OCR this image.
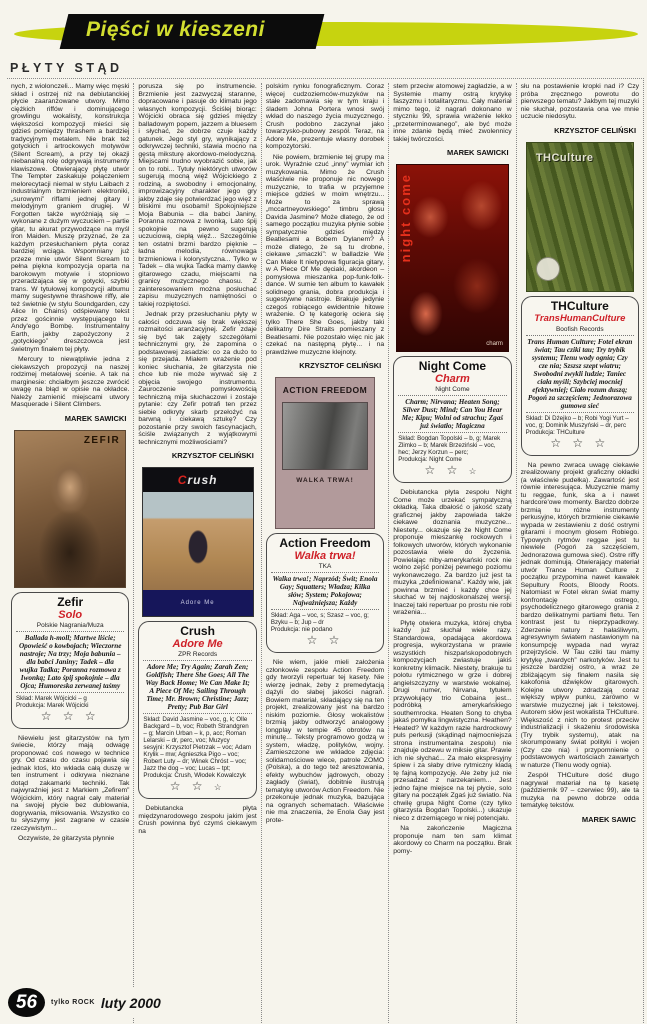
Pięści w kieszeni
PŁYTY STĄD

nych, z wiolonczeli... Mamy więc męski skład i ostrzej niż na debiutanckiej płycie zaaranżowane utwory. Mimo ciężkich riffów i dominującego growlingu wokalisty, konstrukcja większości kompozycji mieści się gdzieś pomiędzy thrashem a bardziej tradycyjnym metalem. Nie brak też gotyckich i artrockowych motywów (Silent Scream), a przy tej okazji niebanalną rolę odgrywają instrumenty klawiszowe. Otwierający płytę utwór The Tempter zaskakuje połączeniem melorecytacji niemal w stylu Laibach z industrialnym brzmieniem elektroniki, „surowymi” riffami jednej gitary i melodyjnym graniem drugiej. W Forgotten także wyróżniają się – wykonane z dużym wyczuciem – partie gitar, tu akurat przywodzące na myśl Iron Maiden. Muszę przyznać, że za każdym przesłuchaniem płyta coraz bardziej wciąga. Wspomniany już przeze mnie utwór Silent Scream to pełna piękna kompozycja oparta na barokowym motywie i stopniowo przeradzająca się w gotycki, szybki trans. W tytułowej kompozycji albumu mamy sugestywne thrashowe riffy, ale też świetnie (w stylu Soundgarden, czy Alice In Chains) odśpiewany tekst przez gościnnie występującego tu Andy'ego Bombę. Instrumentalny Earth, jakby zapożyczony z „gotyckiego” dreszczowca jest świetnym finałem tej płyty.

Mercury to niewątpliwie jedna z ciekawszych propozycji na naszej rodzimej metalowej scenie. A tak na marginesie: chciałbym jeszcze zwrócić uwagę na błąd w opisie na okładce. Należy zamienić miejscami utwory Masquerade i Silent Climbers.

MAREK SAWICKI
ZEFIR
Zefir
Solo
Polskie Nagrania/Muza
Ballada h-moll; Martwe liście; Opowieść o kowbojach; Wieczorne nastroje; Na trzy; Moja babunia – dla babci Janiny; Tadek – dla wujka Tadka; Poranna rozmowa z Iwonką; Lato śpij spokojnie – dla Ojca; Humoreska zerwanej taśmy
Skład: Marek Wójcicki – g
Produkcja: Marek Wójcicki
☆ ☆ ☆

Niewielu jest gitarzystów na tym świecie, którzy mają odwagę proponować coś nowego w technice gry. Od czasu do czasu pojawia się jednak ktoś, kto wkłada całą duszę w ten instrument i odkrywa nieznane dotąd zakamarki techniki. Tak najwyraźniej jest z Markiem „Zefirem” Wójcickim, który nagrał cały materiał na swojej płycie bez dublowania, dogrywania, miksowania. Wszystko co tu słyszymy jest zagrane w czasie rzeczywistym...

Oczywiste, że gitarzysta płynnie

porusza się po instrumencie. Brzmienie jest zazwyczaj staranne, dopracowane i pasuje do klimatu jego własnych kompozycji. Ściślej biorąc: Wójcicki obraca się gdzieś między balladowym popem, jazzem a bluesem i słychać, że dobrze czuje każdy gatunek. Jego styl gry, wynikający z odkrywczej techniki, stawia mocno na gęstą miksturę akordowo-melodyczną. Miejscami trudno wyobrazić sobie, jak on to robi... Tytuły niektórych utworów sugerują mocną więź Wójcickiego z rodziną, a swobodny i emocjonalny, improwizacyjny charakter jego gry jakby zdaje się potwierdzać jego więź z bliskimi mu osobami! Spokojniejsze Moja Babunia – dla babci Janiny, Poranna rozmowa z Iwonką, Lato śpij spokojnie na pewno sugerują uczuciową, ciepłą więź... Szczególnie ten ostatni brzmi bardzo pięknie – ładna melodia, równowaga brzmieniowa i kolorystyczna... Tylko w Tadek – dla wujka Tadka mamy dawkę gitarowego czadu, miejscami na granicy muzycznego chaosu. Z zainteresowaniem można posłuchać zapisu muzycznych namiętności o takiej rozpiętości.

Jednak przy przesłuchaniu płyty w całości odczuwa się brak większej rozmaitości aranżacyjnej. Zefir zdaje się być tak zajęty szczegółami technicznymi gry, że zapomina o podstawowej zasadzie: co za dużo to się przejada. Miałem wrażenie pod koniec słuchania, że gitarzysta nie chce lub nie może wyrwać się z objęcia swojego instrumentu. Zauroczenie pomysłowością techniczną mija słuchaczowi i zostaje pytanie: czy Zefir potrafi ten przez siebie odkryty skarb przełożyć na barwną i ciekawą sztukę? Czy pozostanie przy swoich fascynacjach, ściśle związanych z wyjątkowymi technicznymi możliwościami?

KRZYSZTOF CELIŃSKI
Crush
Adore Me
Crush
Adore Me
ZPR Records
Adore Me; Try Again; Zarah Zen; Goldfish; There She Goes; All The Way Back Home; We Can Make It; A Piece Of Me; Sailing Through Time; Mr. Brown; Christine; Jazz; Pretty; Pub Bar Girl
Skład: David Jasmine – voc, g, k; Olle Backgard – b, voc; Robeth Strandgren – g; Marcin Urban – k, p, acc; Roman Lelarski – dr, perc, voc; Muzycy sesyjni: Krzysztof Pietrzak – voc; Adam Krylik – mw; Agnieszka Pigo – voc; Robert Luty – dr; Winek Chróst – voc; Jazz the dog – voc; Lucas – tpt;
Produkcja: Crush, Włodek Kowalczyk
☆ ☆ ☆

Debiutancka płyta międzynarodowego zespołu jakim jest Crush powinna być czymś ciekawym na

polskim rynku fonograficznym. Coraz więcej cudzoziemców-muzyków na stałe zadomawia się w tym kraju i śladem Johna Portera wnosi swój wkład do naszego życia muzycznego. Crush podobno zaczynał jako towarzysko-pubowy zespół. Teraz, na Adore Me, prezentuje własny dorobek kompozytorski.

Nie powiem, brzmienie tej grupy ma urok. Wyraźnie czuć „inny” wymiar ich muzykowania. Mimo że Crush właściwie nie proponuje nic nowego muzycznie, to trafia w przyjemne miejsce gdzieś w moim wnętrzu... Może to za sprawą „mccartneyowskiego” timbru głosu Davida Jasmine? Może dlatego, że od samego początku muzyka płynie sobie sympatycznie gdzieś między Beatlesami a Bobem Dylanem? A może dlatego, że są tu drobne, ciekawe „smaczki”: w balladzie We Can Make It nietypowa figuracja gitary, w A Piece Of Me dęciaki, akordeon – pomysłowa mieszanka pop-funk-folk-dance. W sumie ten album to kawałek solidnego grania, dobra produkcja i sugestywne nastroje. Brakuje jedynie czegoś robiącego ewidentnie hitowe wrażenie. O tę kategorię ociera się tylko There She Goes, jakby taki delikatny Dire Straits pomieszany z Beatlesami. Nie pozostało więc nic jak czekać na następną płytę... i na prawdziwe muzyczne klejnoty.

KRZYSZTOF CELIŃSKI
ACTION FREEDOM
WALKA TRWA!
Action Freedom
Walka trwa!
TKA
Walka trwa!; Naprzód; Świt; Enola Gay; Squatters; Władza; Kilka słów; System; Pokojowa; Najważniejsza; Każdy
Skład: Aga – voc, s; Szasz – voc, g; Bzyku – b; Jup – dr
Produkcja: nie podano
☆ ☆

Nie wiem, jakie mieli założenia członkowie zespołu Action Freedom gdy tworzyli repertuar tej kasety. Nie wierzę jednak, żeby z premedytacją dążyli do słabej jakości nagrań. Bowiem materiał, składający się na ten projekt, zrealizowany jest na bardzo niskim poziomie. Głosy wokalistów brzmią jakby odtworzyć analogowy longplay w tempie 45 obrotów na minutę... Teksty programowo godzą w system, władzę, polityków, wojny. Zamieszczone we wkładce zdjęcia: solidarnościowe wiece, patrole ZOMO (Polska), a do tego też aresztowania, efekty wybuchów jądrowych, obozy zagłady (świat), dobitnie ilustrują tematykę utworów Action Freedom. Nie przekonuje jednak muzyka, bazująca na ogranych schematach. Właściwie nie ma znaczenia, że Enola Gay jest prote-

stem przeciw atomowej zagładzie, a w Systemie mamy ostrą krytykę faszyzmu i totalitaryzmu. Cały materiał mimo tego, iż nagrań dokonano w styczniu 99, sprawia wrażenie lekko „przeterminowanego”, ale być może inne zdanie będą mieć zwolennicy takiej twórczości.

MAREK SAWICKI
night come
charm
Night Come
Charm
Night Come
Charm; Nirvana; Heaten Song; Silver Dust; Mind; Can You Hear Me; Kipu; Wolni od strachu; Zgaś już światło; Magiczna
Skład: Bogdan Topolski – b, g; Marek Zlimko – b; Marek Brzeziński – voc, hec; Jerzy Korzun – perc;
Produkcja: Night Come
☆ ☆ ☆

Debiutancka płyta zespołu Night Come może urzekać sympatyczną okładką. Taka dbałość o jakość szaty graficznej jakby zapowiada także ciekawe doznania muzyczne... Niestety... okazuje się że Night Come proponuje mieszankę rockowych i folkowych utworów, których wykonanie pozostawia wiele do życzenia. Powielając niby-amerykański rock nie wolno zejść poniżej pewnego poziomu wykonawczego. Za bardzo już jest ta muzyka „zdefiniowana”. Każdy wie, jak powinna brzmieć i każdy chce jej słuchać w tej najdoskonalszej wersji. Inaczej taki repertuar po prostu nie robi wrażenia...

Płytę otwiera muzyka, której chyba każdy już słuchał wiele razy. Standardowa, opadająca akordowa progresja, wykorzystana w prawie wszystkich hiszpańskopodobnych kompozycjach zwiastuje jakiś konkretny klimacik. Niestety, brakuje tu polotu rytmicznego w grze i dobrej angielszczyzny w warstwie wokalnej. Drugi numer, Nirvana, tytułem przywołujący trio Cobaina jest... podróbką amerykańskiego southernrocka. Heaten Song to chyba jakaś pomyłka lingwistyczna. Heathen? Heated? W każdym razie hardrockowy puls perkusji (skądinąd najmocniejsza strona instrumentalna zespołu) nie znajduje odzewu w miksie gitar. Prawie ich nie słychać... Za mało ekspresyjny śpiew i za słaby drive rytmiczny kładą tę fajną kompozycję. Ale żeby już nie przesadzać z narzekaniem... Jest jedno fajne miejsce na tej płycie, solo gitary na początek Zgaś już światło. Na chwilę grupa Night Come (czy tylko gitarzysta Bogdan Topolski...) ukazuje nieco z drzemiącego w niej potencjału.

Na zakończenie Magiczna proponuje nam ten sam klimat akordowy co Charm na początku. Brak pomy-

słu na postawienie kropki nad i? Czy próba zręcznego powrotu do pierwszego tematu? Jakbym tej muzyki nie słuchał, pozostawia ona we mnie uczucie niedosytu.

KRZYSZTOF CELIŃSKI
THCulture
THCulture
TransHumanCulture
Boofish Records
Trans Human Culture; Fotel ekran świat; Tau cziki tau; Try trybik systemu; Tlenu wody ognia; Czy cze nia; Szszsz szept wiatru; Swobodni zwykli ludzie; Taniec ciała myśli; Szybciej mocniej efektywniej; Ciało rozum duszą; Pogoń za szczęściem; Jednorazowa gumowa sieć
Skład: Di Dżejko – b; Robi Yogi Yurt – voc, g; Dominik Muszyński – dr, perc
Produkcja: THCulture
☆ ☆ ☆

Na pewno zwraca uwagę ciekawie zrealizowany projekt graficzny okładki (a właściwie pudełka). Zawartość jest równie interesująca. Muzycznie mamy tu reggae, funk, ska a i nawet hardcore'owe momenty. Bardzo dobrze brzmią tu różne instrumenty perkusyjne, których brzmienie ciekawie wypada w zestawieniu z dość ostrymi gitarami i mocnym głosem Robiego. Typowych rytmów reggae jest tu niewiele (Pogoń za szczęściem, Jednorazowa gumowa sieć). Ostre riffy jednak dominują. Otwierający materiał utwór Trance Human Culture z początku przypomina nawet kawałek Sepultury Roots, Bloody Roots. Natomiast w Fotel ekran świat mamy konfrontację ostrego, psychodelicznego gitarowego grania z bardzo delikatnymi partiami fletu. Ten kontrast jest tu nieprzypadkowy. Zderzenie natury z hałaśliwym, agresywnym światem nastawionym na konsumpcję wypada nad wyraz przejrzyście. W Tau cziki tau mamy krytykę „twardych” narkotyków. Jest tu jeszcze bardziej ostro, a wraz ze zbliżającym się finałem nasila się kakofonia dźwięków gitarowych. Kolejne utwory zdradzają coraz większy wpływ punku, zarówno w warstwie muzycznej jak i tekstowej. Autorem słów jest wokalista THCulture. Większość z nich to protest przeciw industrializacji i skażeniu środowiska (Try trybik systemu), atak na skorumpowany świat polityki i wojen (Czy cze nia) i przypomnienie o podstawowych wartościach zawartych w naturze (Tlenu wody ognia).

Zespół THCulture dość długo nagrywał materiał na tę kasetę (październik 97 – czerwiec 99), ale ta muzyka na pewno dobrze odda tematykę tekstów.

MAREK SAWIC
56	tylko ROCK luty 2000
